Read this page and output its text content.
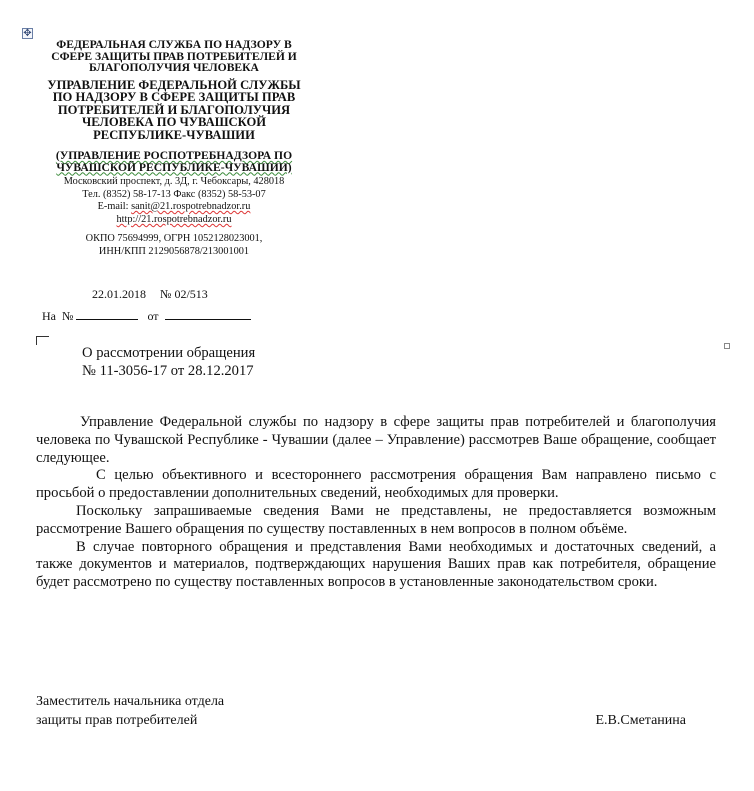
✥
ФЕДЕРАЛЬНАЯ СЛУЖБА ПО НАДЗОРУ В
СФЕРЕ ЗАЩИТЫ ПРАВ ПОТРЕБИТЕЛЕЙ И
БЛАГОПОЛУЧИЯ ЧЕЛОВЕКА
УПРАВЛЕНИЕ ФЕДЕРАЛЬНОЙ СЛУЖБЫ
ПО НАДЗОРУ В СФЕРЕ ЗАЩИТЫ ПРАВ
ПОТРЕБИТЕЛЕЙ И БЛАГОПОЛУЧИЯ
ЧЕЛОВЕКА ПО ЧУВАШСКОЙ
РЕСПУБЛИКЕ-ЧУВАШИИ
(УПРАВЛЕНИЕ РОСПОТРЕБНАДЗОРА ПО
ЧУВАШСКОЙ РЕСПУБЛИКЕ-ЧУВАШИИ)
Московский проспект, д. 3Д, г. Чебоксары, 428018
Тел. (8352) 58-17-13 Факс (8352) 58-53-07
E-mail: sanit@21.rospotrebnadzor.ru
http://21.rospotrebnadzor.ru
ОКПО 75694999, ОГРН 1052128023001,
ИНН/КПП 2129056878/213001001
22.01.2018 № 02/513
На  №	от
О рассмотрении обращения
№ 11-3056-17 от 28.12.2017

Управление Федеральной службы по надзору в сфере защиты прав потребителей и благополучия человека по Чувашской Республике - Чувашии (далее – Управление) рассмотрев Ваше обращение, сообщает следующее.

С целью объективного и всестороннего рассмотрения обращения Вам направлено письмо с просьбой о предоставлении дополнительных сведений, необходимых для проверки.

Поскольку запрашиваемые сведения Вами не представлены, не предоставляется возможным рассмотрение Вашего обращения по существу поставленных в нем вопросов в полном объёме.

В случае повторного обращения и представления Вами необходимых и достаточных сведений, а также документов и материалов, подтверждающих нарушения Ваших прав как потребителя, обращение будет рассмотрено по существу поставленных вопросов в установленные законодательством сроки.

Заместитель начальника отдела
защиты прав потребителей	Е.В.Сметанина
